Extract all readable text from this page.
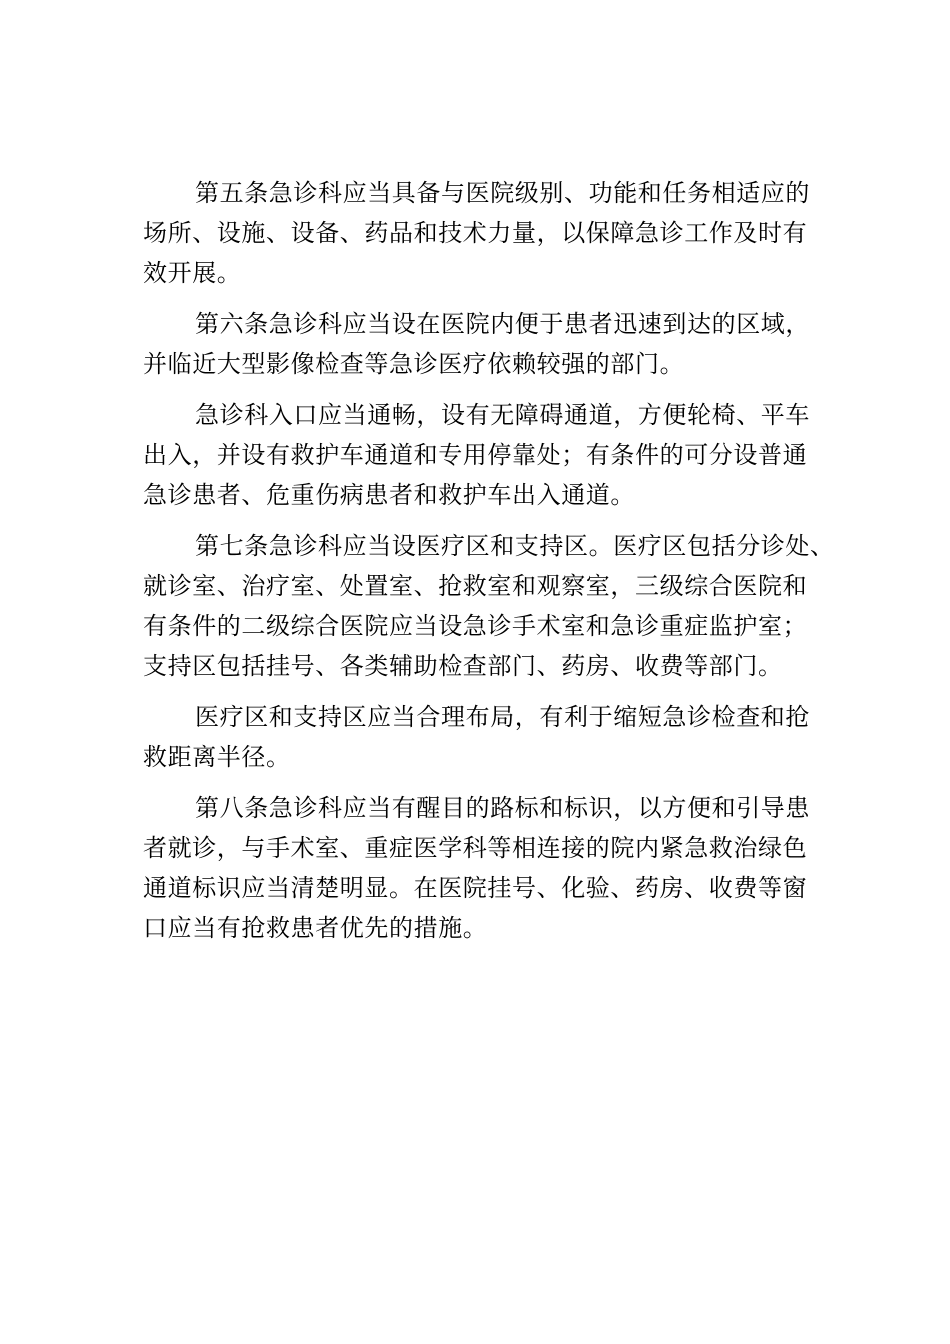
第五条急诊科应当具备与医院级别、功能和任务相适应的
场所、设施、设备、药品和技术力量，以保障急诊工作及时有
效开展。
第六条急诊科应当设在医院内便于患者迅速到达的区域，
并临近大型影像检查等急诊医疗依赖较强的部门。
急诊科入口应当通畅，设有无障碍通道，方便轮椅、平车
出入，并设有救护车通道和专用停靠处；有条件的可分设普通
急诊患者、危重伤病患者和救护车出入通道。
第七条急诊科应当设医疗区和支持区。医疗区包括分诊处、
就诊室、治疗室、处置室、抢救室和观察室，三级综合医院和
有条件的二级综合医院应当设急诊手术室和急诊重症监护室；
支持区包括挂号、各类辅助检查部门、药房、收费等部门。
医疗区和支持区应当合理布局，有利于缩短急诊检查和抢
救距离半径。
第八条急诊科应当有醒目的路标和标识，以方便和引导患
者就诊，与手术室、重症医学科等相连接的院内紧急救治绿色
通道标识应当清楚明显。在医院挂号、化验、药房、收费等窗
口应当有抢救患者优先的措施。
